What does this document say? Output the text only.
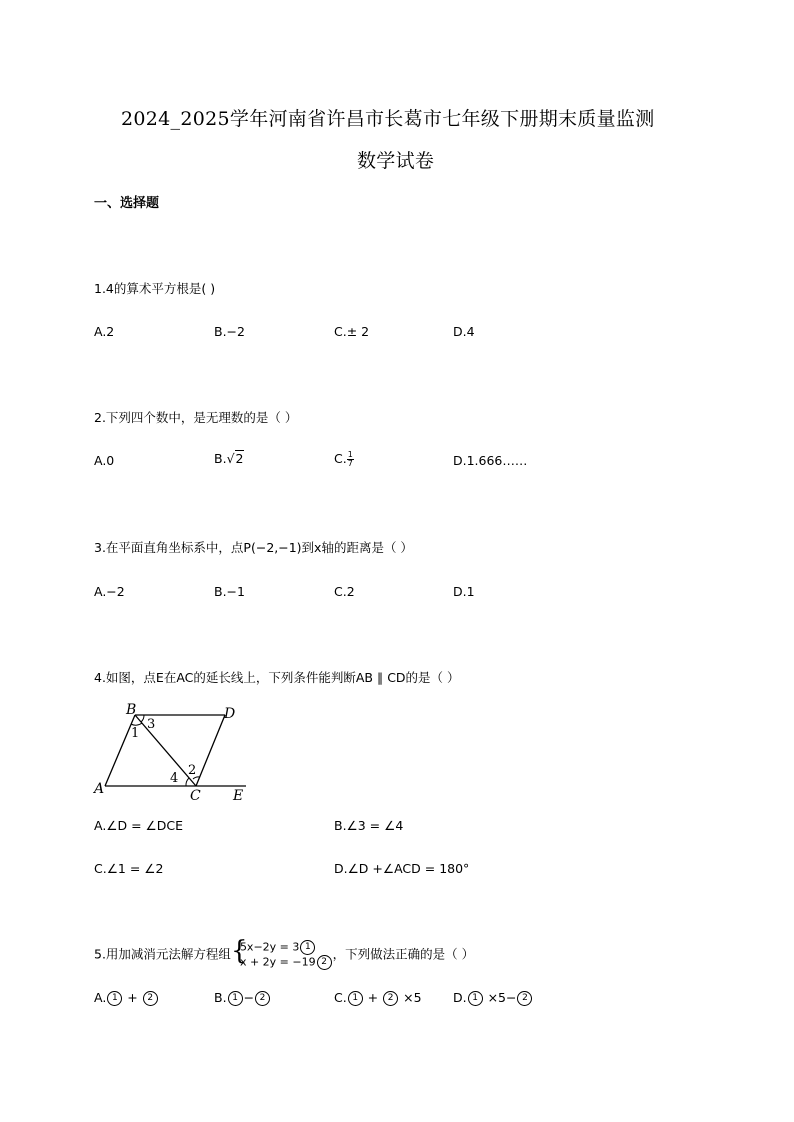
2024_2025学年河南省许昌市长葛市七年级下册期末质量监测
数学试卷
一、选择题
1.4的算术平方根是( )
A.2	B.−2	C.± 2	D.4
2.下列四个数中，是无理数的是（ ）
A.0	B.√2	C. $\frac{1}{7}$	D.1.666……
3.在平面直角坐标系中，点P(−2,−1)到x轴的距离是（ ）
A.−2	B.−1	C.2	D.1
4.如图，点E在AC的延长线上，下列条件能判断AB ∥ CD的是（ ）
B	D
A	C E
3
1
4
2
A.∠D = ∠DCE	B.∠3 = ∠4
C.∠1 = ∠2	D.∠D +∠ACD = 180°
5.用加减消元法解方程组 {
5x−2y = 3 1
x + 2y = −19 2
，下列做法正确的是（ ）
A. 1 + 2	B. 1 − 2	C. 1 + 2 ×5	D. 1 ×5− 2
